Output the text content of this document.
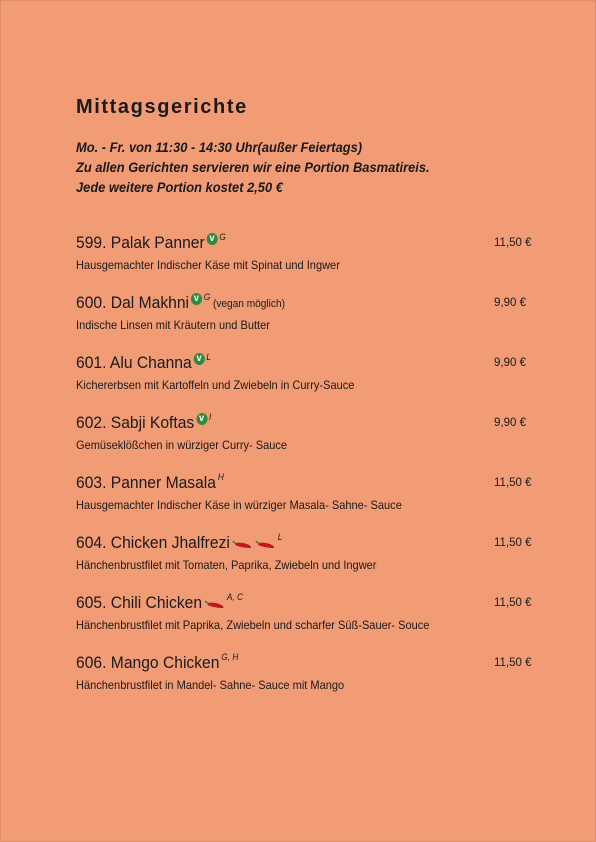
Mittagsgerichte
Mo. - Fr. von 11:30 - 14:30 Uhr(außer Feiertags)
Zu allen Gerichten servieren wir eine Portion Basmatireis.
Jede weitere Portion kostet 2,50 €
599. Palak Panner v G	11,50 €
Hausgemachter Indischer Käse mit Spinat und Ingwer
600. Dal Makhni v G
(vegan möglich)	9,90 €
Indische Linsen mit Kräutern und Butter
601. Alu Channa v L	9,90 €
Kichererbsen mit Kartoffeln und Zwiebeln in Curry-Sauce
602. Sabji Koftas v I	9,90 €
Gemüseklößchen in würziger Curry- Sauce
603. Panner Masala H	11,50 €
Hausgemachter Indischer Käse in würziger Masala- Sahne- Sauce
604. Chicken Jhalfrezi	L	11,50 €
Hänchenbrustfilet mit Tomaten, Paprika, Zwiebeln und Ingwer
605. Chili Chicken	A, C	11,50 €
Hänchenbrustfilet mit Paprika, Zwiebeln und scharfer Süß-Sauer- Souce
606. Mango Chicken G, H	11,50 €
Hänchenbrustfilet in Mandel- Sahne- Sauce mit Mango
